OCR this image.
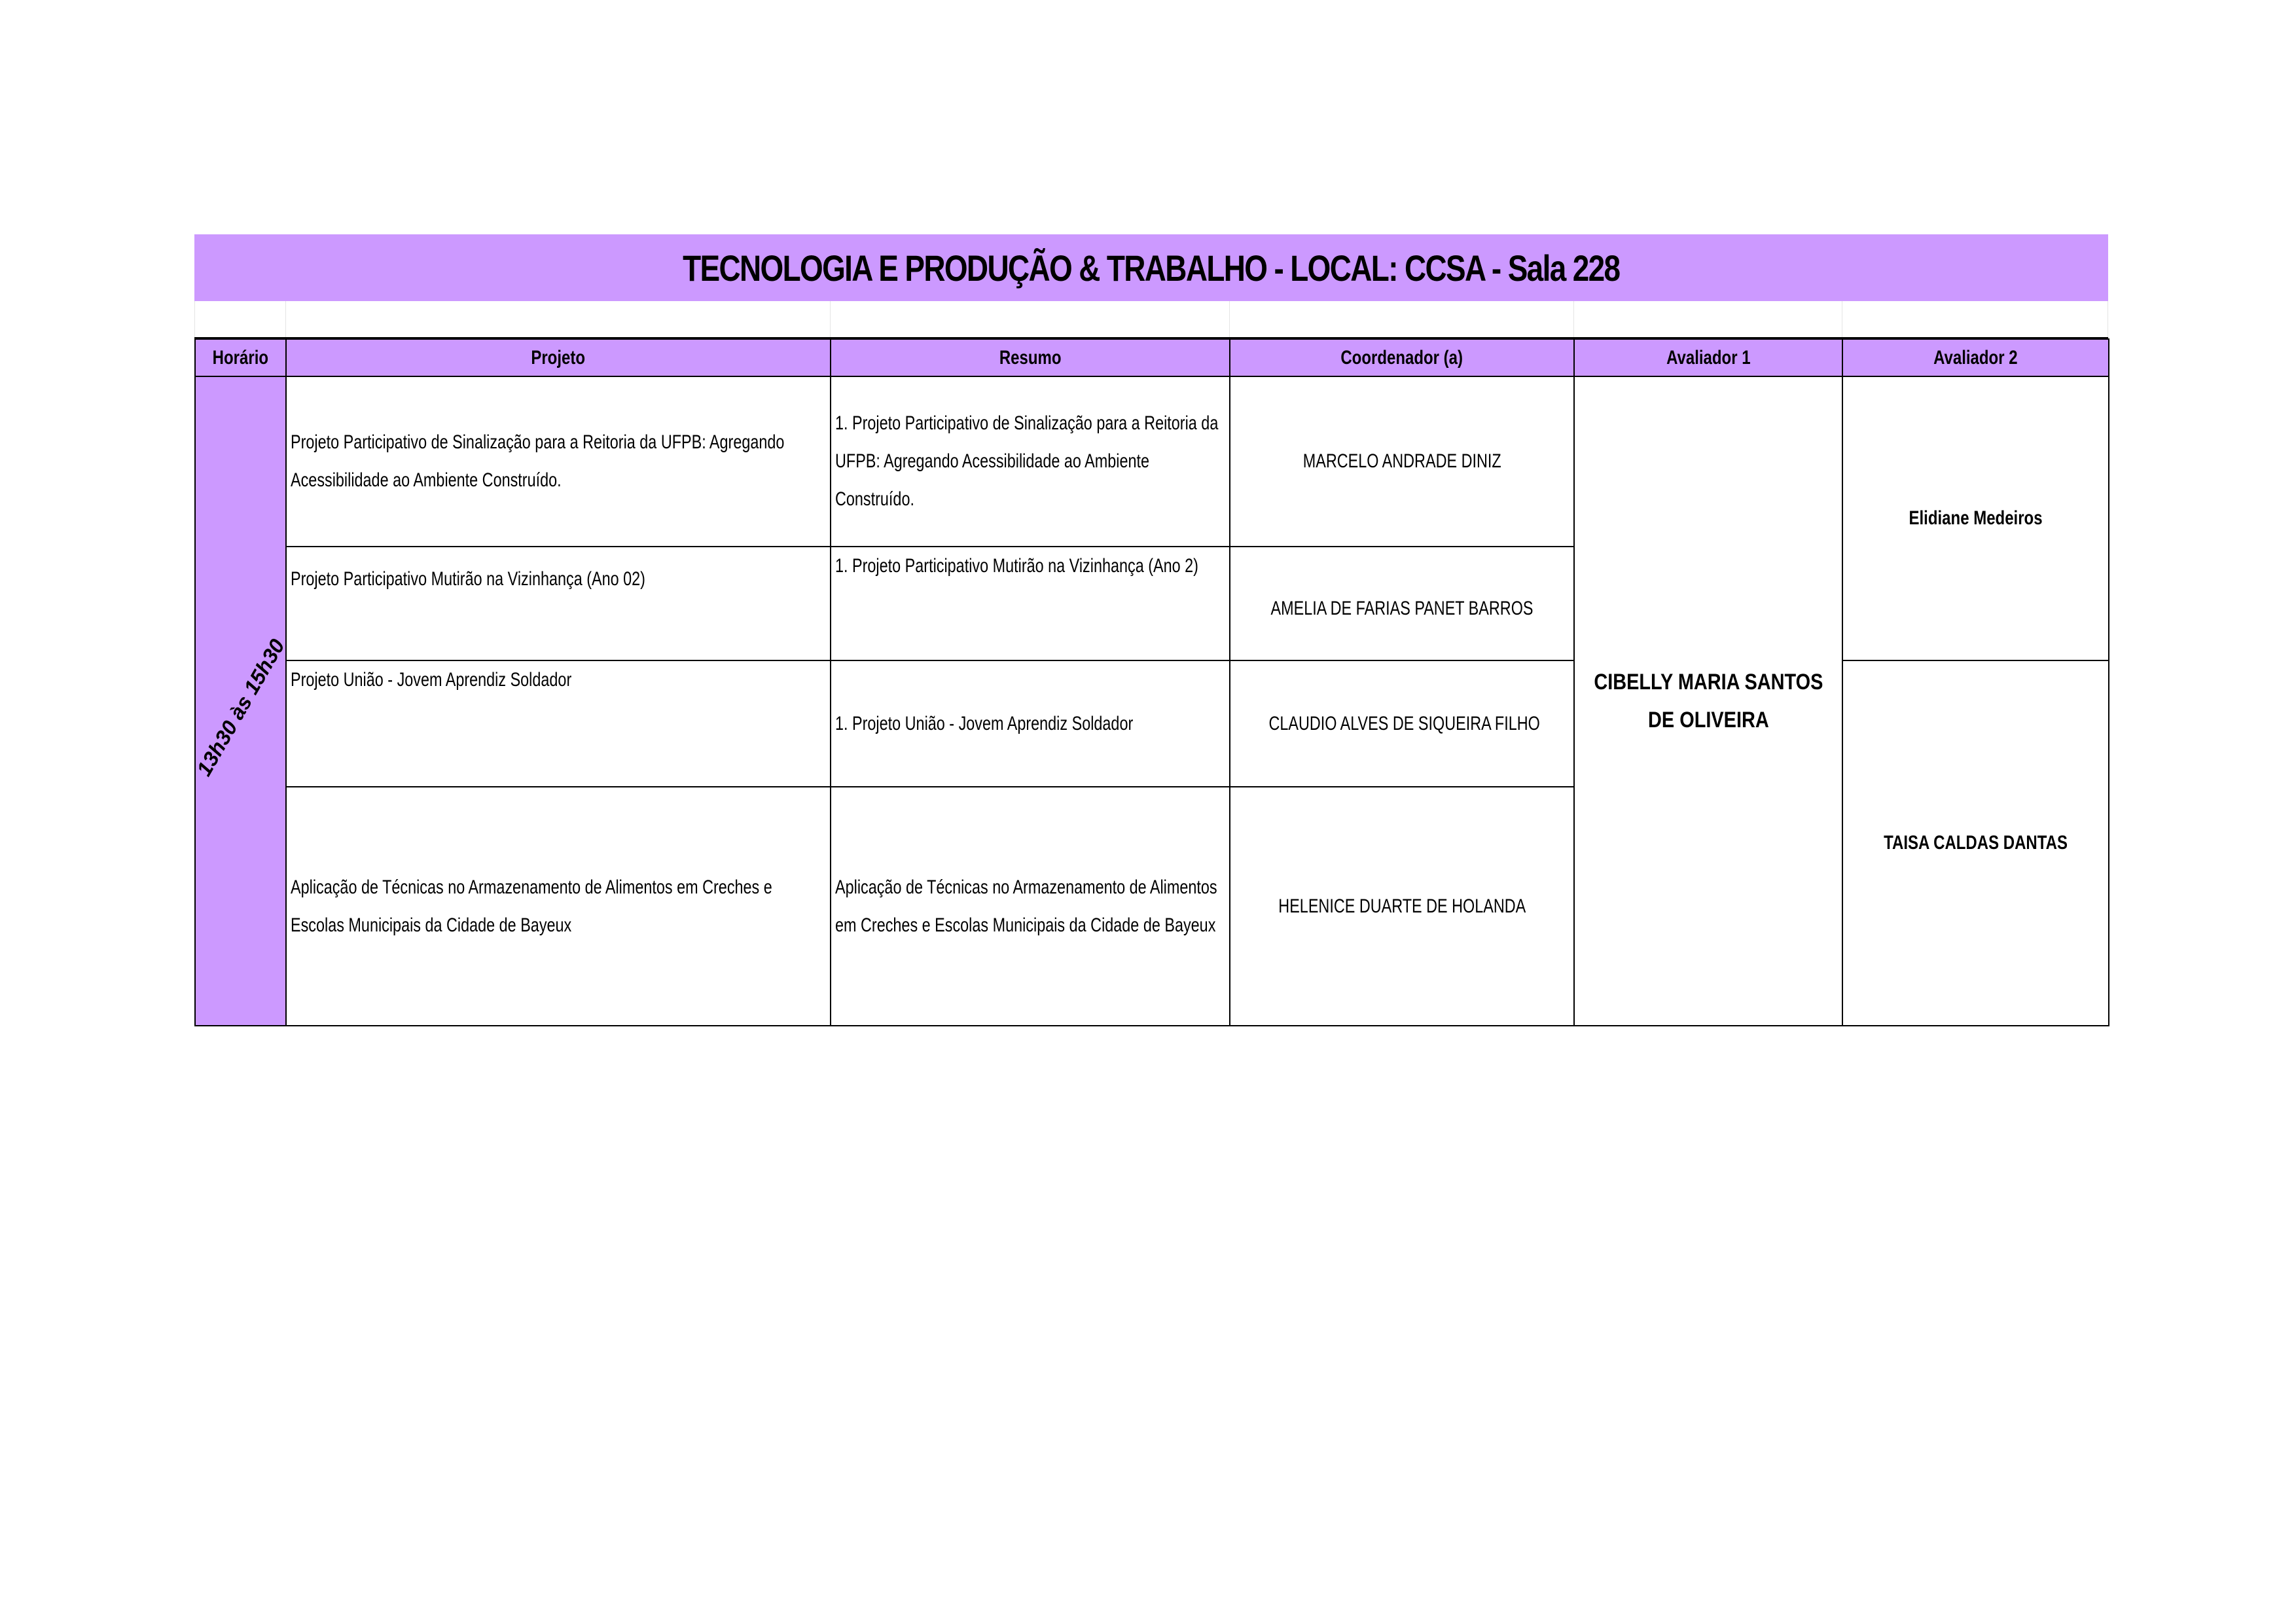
TECNOLOGIA E PRODUÇÃO & TRABALHO - LOCAL: CCSA - Sala 228
Horário	Projeto	Resumo	Coordenador (a)	Avaliador 1	Avaliador 2

13h30 às 15h30	Projeto Participativo de Sinalização para a Reitoria da UFPB: Agregando Acessibilidade ao Ambiente Construído.	1. Projeto Participativo de Sinalização para a Reitoria da UFPB: Agregando Acessibilidade ao Ambiente Construído.	MARCELO ANDRADE DINIZ	CIBELLY MARIA SANTOS DE OLIVEIRA	Elidiane Medeiros
	Projeto Participativo Mutirão na Vizinhança (Ano 02)	1. Projeto Participativo Mutirão na Vizinhança (Ano 2)	AMELIA DE FARIAS PANET BARROS		
	Projeto União - Jovem Aprendiz Soldador	1. Projeto União - Jovem Aprendiz Soldador	CLAUDIO ALVES DE SIQUEIRA FILHO		TAISA CALDAS DANTAS
	Aplicação de Técnicas no Armazenamento de Alimentos em Creches e Escolas Municipais da Cidade de Bayeux	Aplicação de Técnicas no Armazenamento de Alimentos em Creches e Escolas Municipais da Cidade de Bayeux	HELENICE DUARTE DE HOLANDA		
